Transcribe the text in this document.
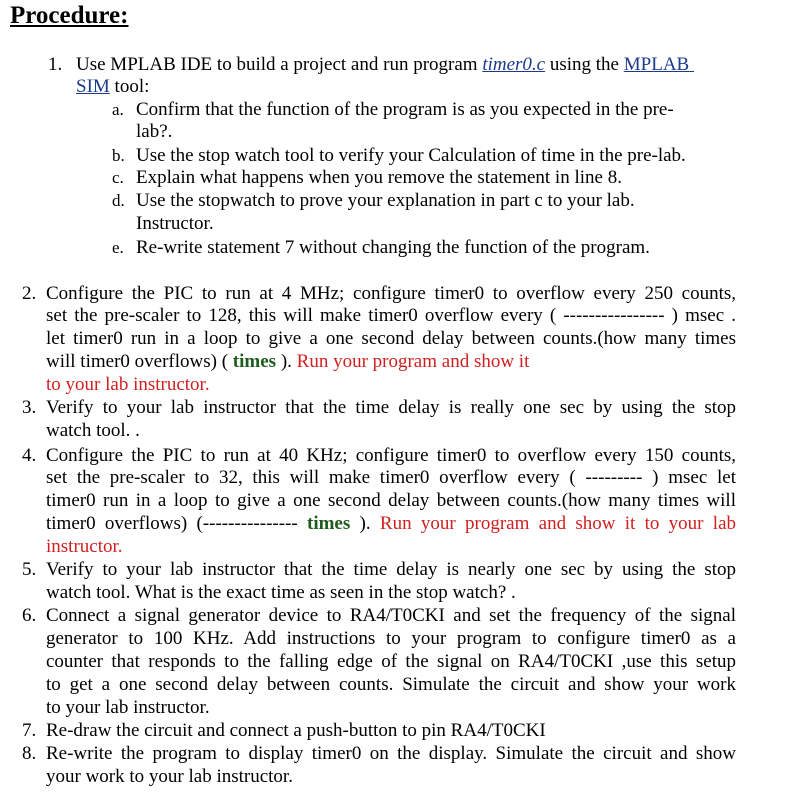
Procedure:
1. Use MPLAB IDE to build a project and run program timer0.c using the MPLAB
SIM tool:
a. Confirm that the function of the program is as you expected in the pre-
lab?.
b. Use the stop watch tool to verify your Calculation of time in the pre-lab.
c. Explain what happens when you remove the statement in line 8.
d. Use the stopwatch to prove your explanation in part c to your lab.
Instructor.
e. Re-write statement 7 without changing the function of the program.
2. Configure the PIC to run at 4 MHz; configure timer0 to overflow every 250 counts,
set the pre-scaler to 128, this will make timer0 overflow every ( ---------------- ) msec .
let timer0 run in a loop to give a one second delay between counts.(how many times
will timer0 overflows) ( times ). Run your program and show it
to your lab instructor.
3. Verify to your lab instructor that the time delay is really one sec by using the stop
watch tool. .
4. Configure the PIC to run at 40 KHz; configure timer0 to overflow every 150 counts,
set the pre-scaler to 32, this will make timer0 overflow every ( --------- ) msec let
timer0 run in a loop to give a one second delay between counts.(how many times will
timer0 overflows) (--------------- times ). Run your program and show it to your lab
instructor.
5. Verify to your lab instructor that the time delay is nearly one sec by using the stop
watch tool. What is the exact time as seen in the stop watch? .
6. Connect a signal generator device to RA4/T0CKI and set the frequency of the signal
generator to 100 KHz. Add instructions to your program to configure timer0 as a
counter that responds to the falling edge of the signal on RA4/T0CKI ,use this setup
to get a one second delay between counts. Simulate the circuit and show your work
to your lab instructor.
7. Re-draw the circuit and connect a push-button to pin RA4/T0CKI
8. Re-write the program to display timer0 on the display. Simulate the circuit and show
your work to your lab instructor.
